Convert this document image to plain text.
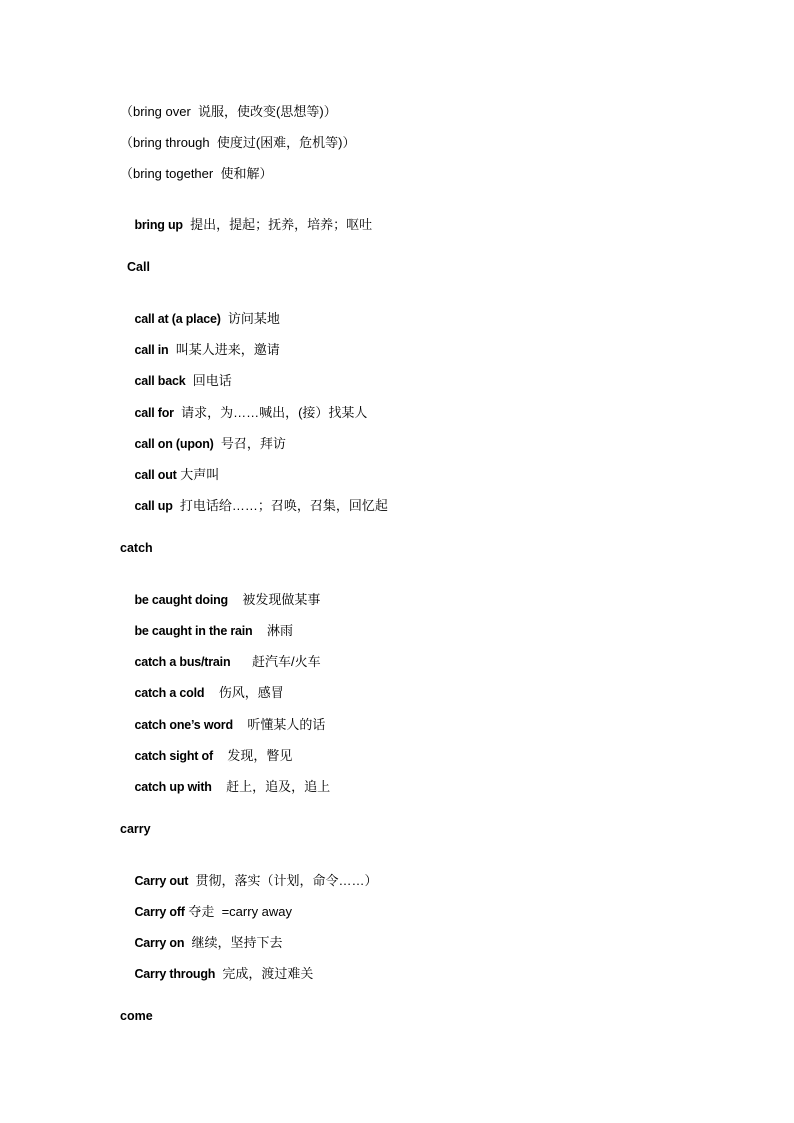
（bring over  说服，使改变(思想等)）
（bring through  使度过(困难，危机等)）
（bring together  使和解）

bring up  提出，提起；抚养，培养；呕吐

Call

call at (a place)  访问某地

call in  叫某人进来，邀请

call back  回电话

call for  请求，为……喊出，(接）找某人

call on (upon)  号召，拜访

call out 大声叫

call up  打电话给……；召唤，召集，回忆起

catch

be caught doing    被发现做某事

be caught in the rain    淋雨

catch a bus/train      赶汽车/火车

catch a cold    伤风，感冒

catch one’s word    听懂某人的话

catch sight of    发现，瞥见

catch up with    赶上，追及，追上

carry

Carry out  贯彻，落实（计划，命令……）

Carry off 夺走  =carry away

Carry on  继续，坚持下去

Carry through  完成，渡过难关

come
